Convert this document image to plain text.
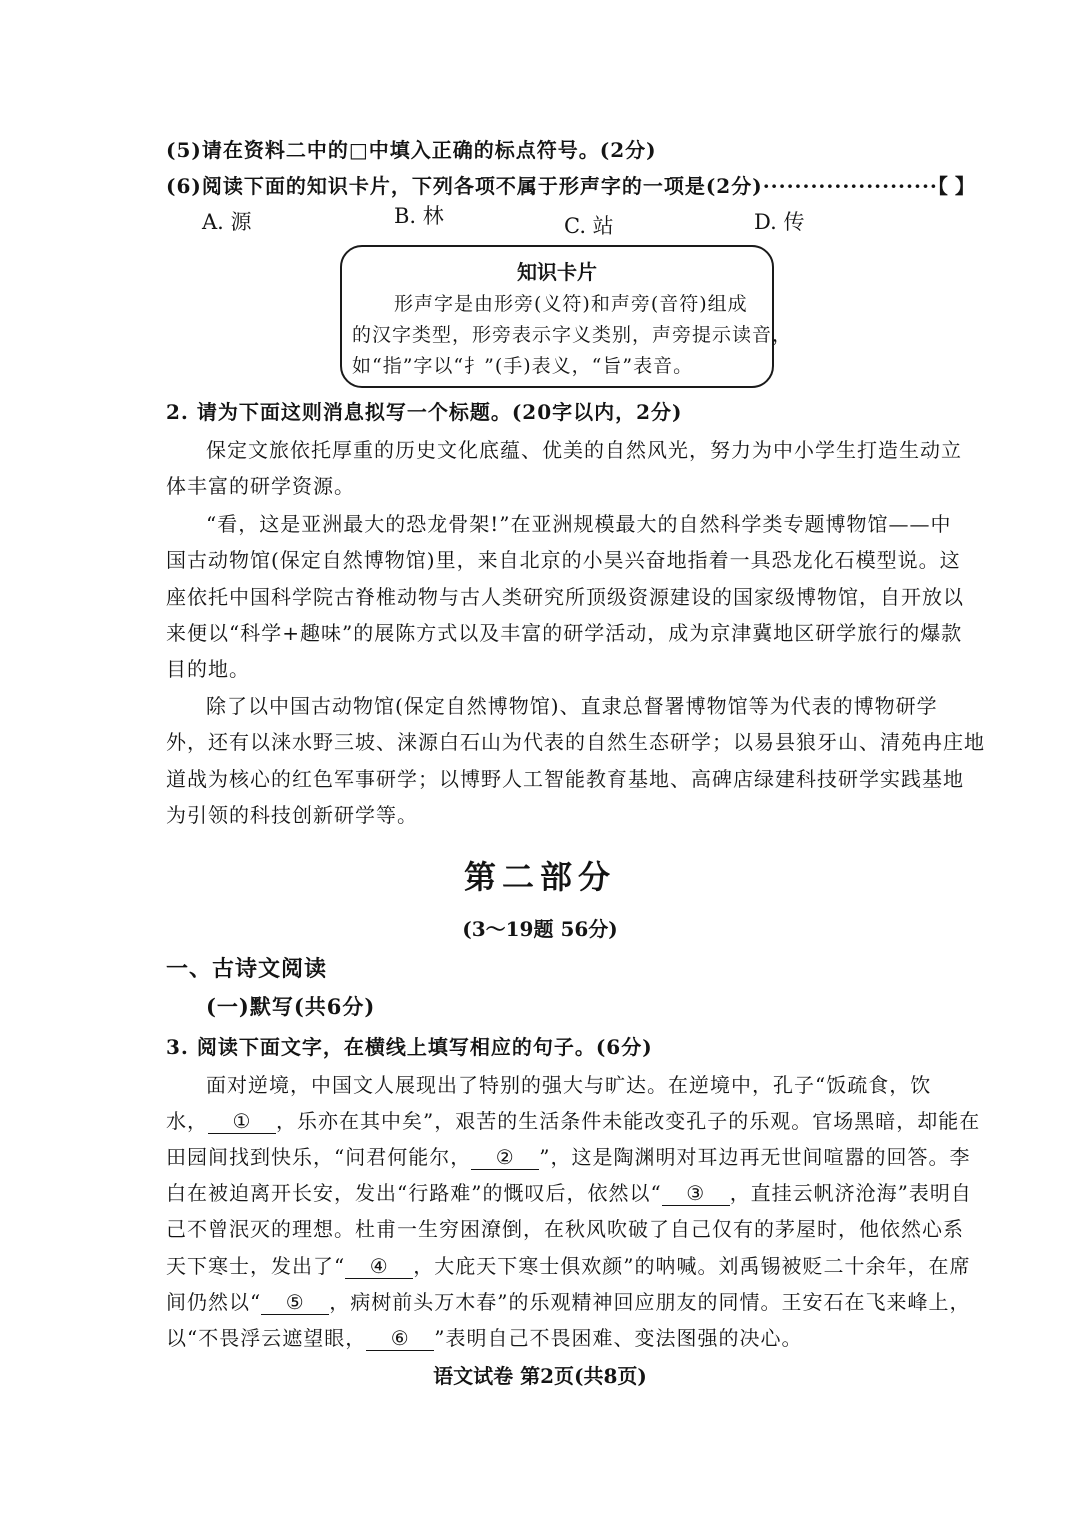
(5)请在资料二中的□中填入正确的标点符号。(2分)
(6)阅读下面的知识卡片，下列各项不属于形声字的一项是(2分)······················【 】
A. 源	B. 林	C. 站	D. 传
知识卡片
形声字是由形旁(义符)和声旁(音符)组成
的汉字类型，形旁表示字义类别，声旁提示读音，
如“指”字以“扌”(手)表义，“旨”表音。
2. 请为下面这则消息拟写一个标题。(20字以内，2分)
保定文旅依托厚重的历史文化底蕴、优美的自然风光，努力为中小学生打造生动立
体丰富的研学资源。
“看，这是亚洲最大的恐龙骨架!”在亚洲规模最大的自然科学类专题博物馆——中
国古动物馆(保定自然博物馆)里，来自北京的小昊兴奋地指着一具恐龙化石模型说。这
座依托中国科学院古脊椎动物与古人类研究所顶级资源建设的国家级博物馆，自开放以
来便以“科学+趣味”的展陈方式以及丰富的研学活动，成为京津冀地区研学旅行的爆款
目的地。
除了以中国古动物馆(保定自然博物馆)、直隶总督署博物馆等为代表的博物研学
外，还有以涞水野三坡、涞源白石山为代表的自然生态研学；以易县狼牙山、清苑冉庄地
道战为核心的红色军事研学；以博野人工智能教育基地、高碑店绿建科技研学实践基地
为引领的科技创新研学等。
第二部分
(3～19题 56分)
一、古诗文阅读
(一)默写(共6分)
3. 阅读下面文字，在横线上填写相应的句子。(6分)
面对逆境，中国文人展现出了特别的强大与旷达。在逆境中，孔子“饭疏食，饮
水， ① ，乐亦在其中矣”，艰苦的生活条件未能改变孔子的乐观。官场黑暗，却能在
田园间找到快乐，“问君何能尔， ② ”，这是陶渊明对耳边再无世间喧嚣的回答。李
白在被迫离开长安，发出“行路难”的慨叹后，依然以“ ③ ，直挂云帆济沧海”表明自
己不曾泯灭的理想。杜甫一生穷困潦倒，在秋风吹破了自己仅有的茅屋时，他依然心系
天下寒士，发出了“ ④ ，大庇天下寒士俱欢颜”的呐喊。刘禹锡被贬二十余年，在席
间仍然以“ ⑤ ，病树前头万木春”的乐观精神回应朋友的同情。王安石在飞来峰上，
以“不畏浮云遮望眼， ⑥ ”表明自己不畏困难、变法图强的决心。
语文试卷 第2页(共8页)
